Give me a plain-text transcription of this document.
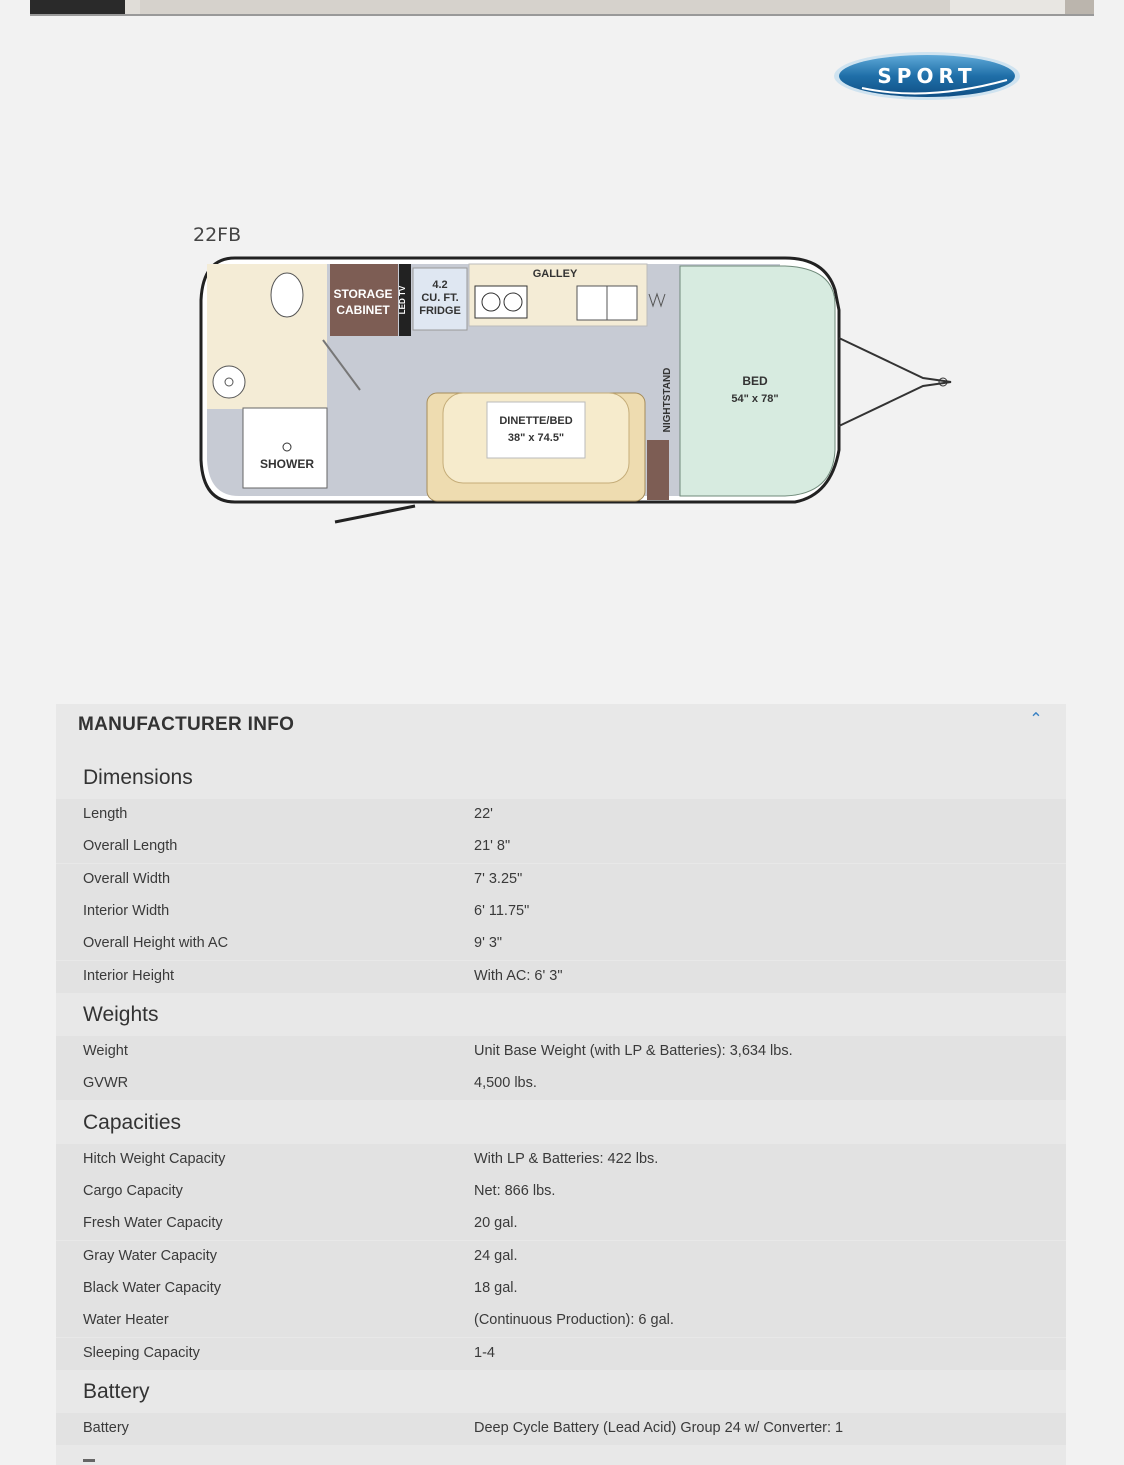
SPORT
22FB
SHOWER
STORAGE
CABINET LED TV
4.2
CU. FT.
FRIDGE
GALLEY
DINETTE/BED
38" x 74.5"
NIGHTSTAND	BED
54" x 78"
MANUFACTURER INFO	⌃
Dimensions
Length	22'
Overall Length	21' 8"
Overall Width	7' 3.25"
Interior Width	6' 11.75"
Overall Height with AC	9' 3"
Interior Height	With AC: 6' 3"
Weights
Weight	Unit Base Weight (with LP & Batteries): 3,634 lbs.
GVWR	4,500 lbs.
Capacities
Hitch Weight Capacity	With LP & Batteries: 422 lbs.
Cargo Capacity	Net: 866 lbs.
Fresh Water Capacity	20 gal.
Gray Water Capacity	24 gal.
Black Water Capacity	18 gal.
Water Heater	(Continuous Production): 6 gal.
Sleeping Capacity	1-4
Battery
Battery	Deep Cycle Battery (Lead Acid) Group 24 w/ Converter: 1
